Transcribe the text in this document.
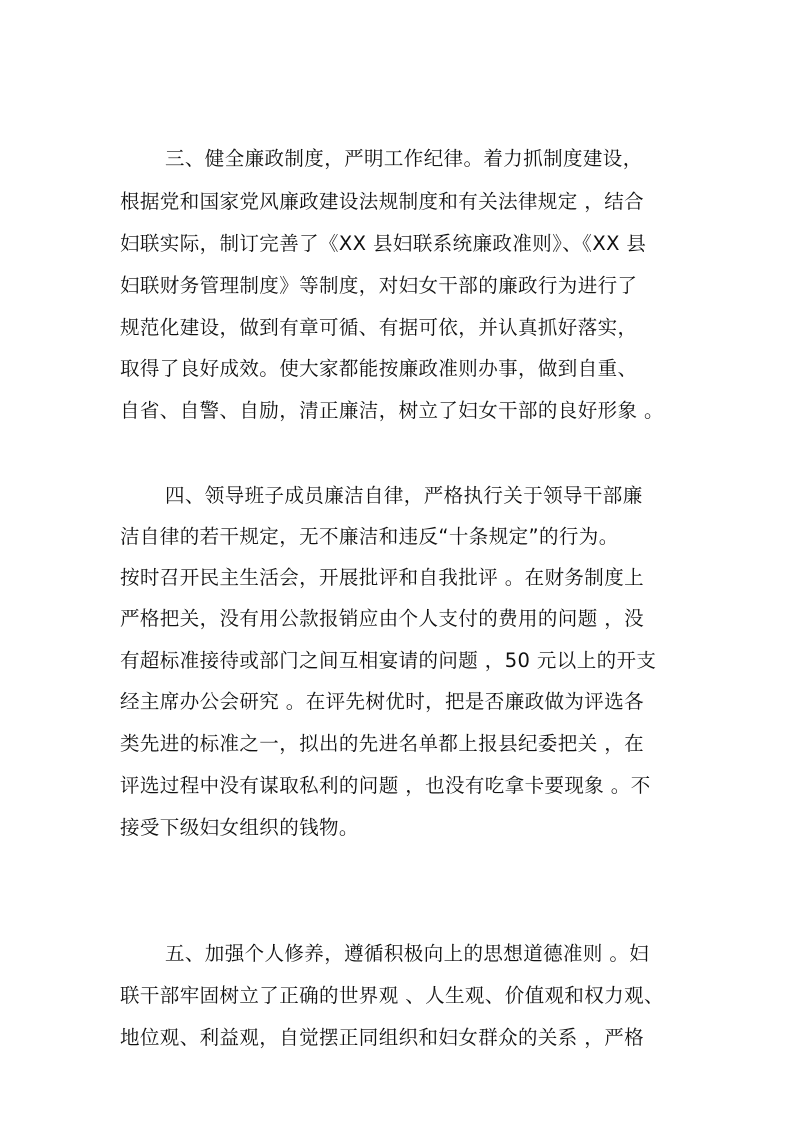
三、健全廉政制度，严明工作纪律。着力抓制度建设，
根据党和国家党风廉政建设法规制度和有关法律规定 ，结合
妇联实际，制订完善了《XX 县妇联系统廉政准则》、《XX 县
妇联财务管理制度》等制度，对妇女干部的廉政行为进行了
规范化建设，做到有章可循、有据可依，并认真抓好落实，
取得了良好成效。使大家都能按廉政准则办事，做到自重、
自省、自警、自励，清正廉洁，树立了妇女干部的良好形象 。
四、领导班子成员廉洁自律，严格执行关于领导干部廉
洁自律的若干规定，无不廉洁和违反“十条规定”的行为。
按时召开民主生活会，开展批评和自我批评 。在财务制度上
严格把关，没有用公款报销应由个人支付的费用的问题 ，没
有超标准接待或部门之间互相宴请的问题 ，50 元以上的开支
经主席办公会研究 。在评先树优时，把是否廉政做为评选各
类先进的标准之一，拟出的先进名单都上报县纪委把关 ，在
评选过程中没有谋取私利的问题 ，也没有吃拿卡要现象 。不
接受下级妇女组织的钱物。
五、加强个人修养，遵循积极向上的思想道德准则 。妇
联干部牢固树立了正确的世界观 、人生观、价值观和权力观、
地位观、利益观，自觉摆正同组织和妇女群众的关系 ，严格
